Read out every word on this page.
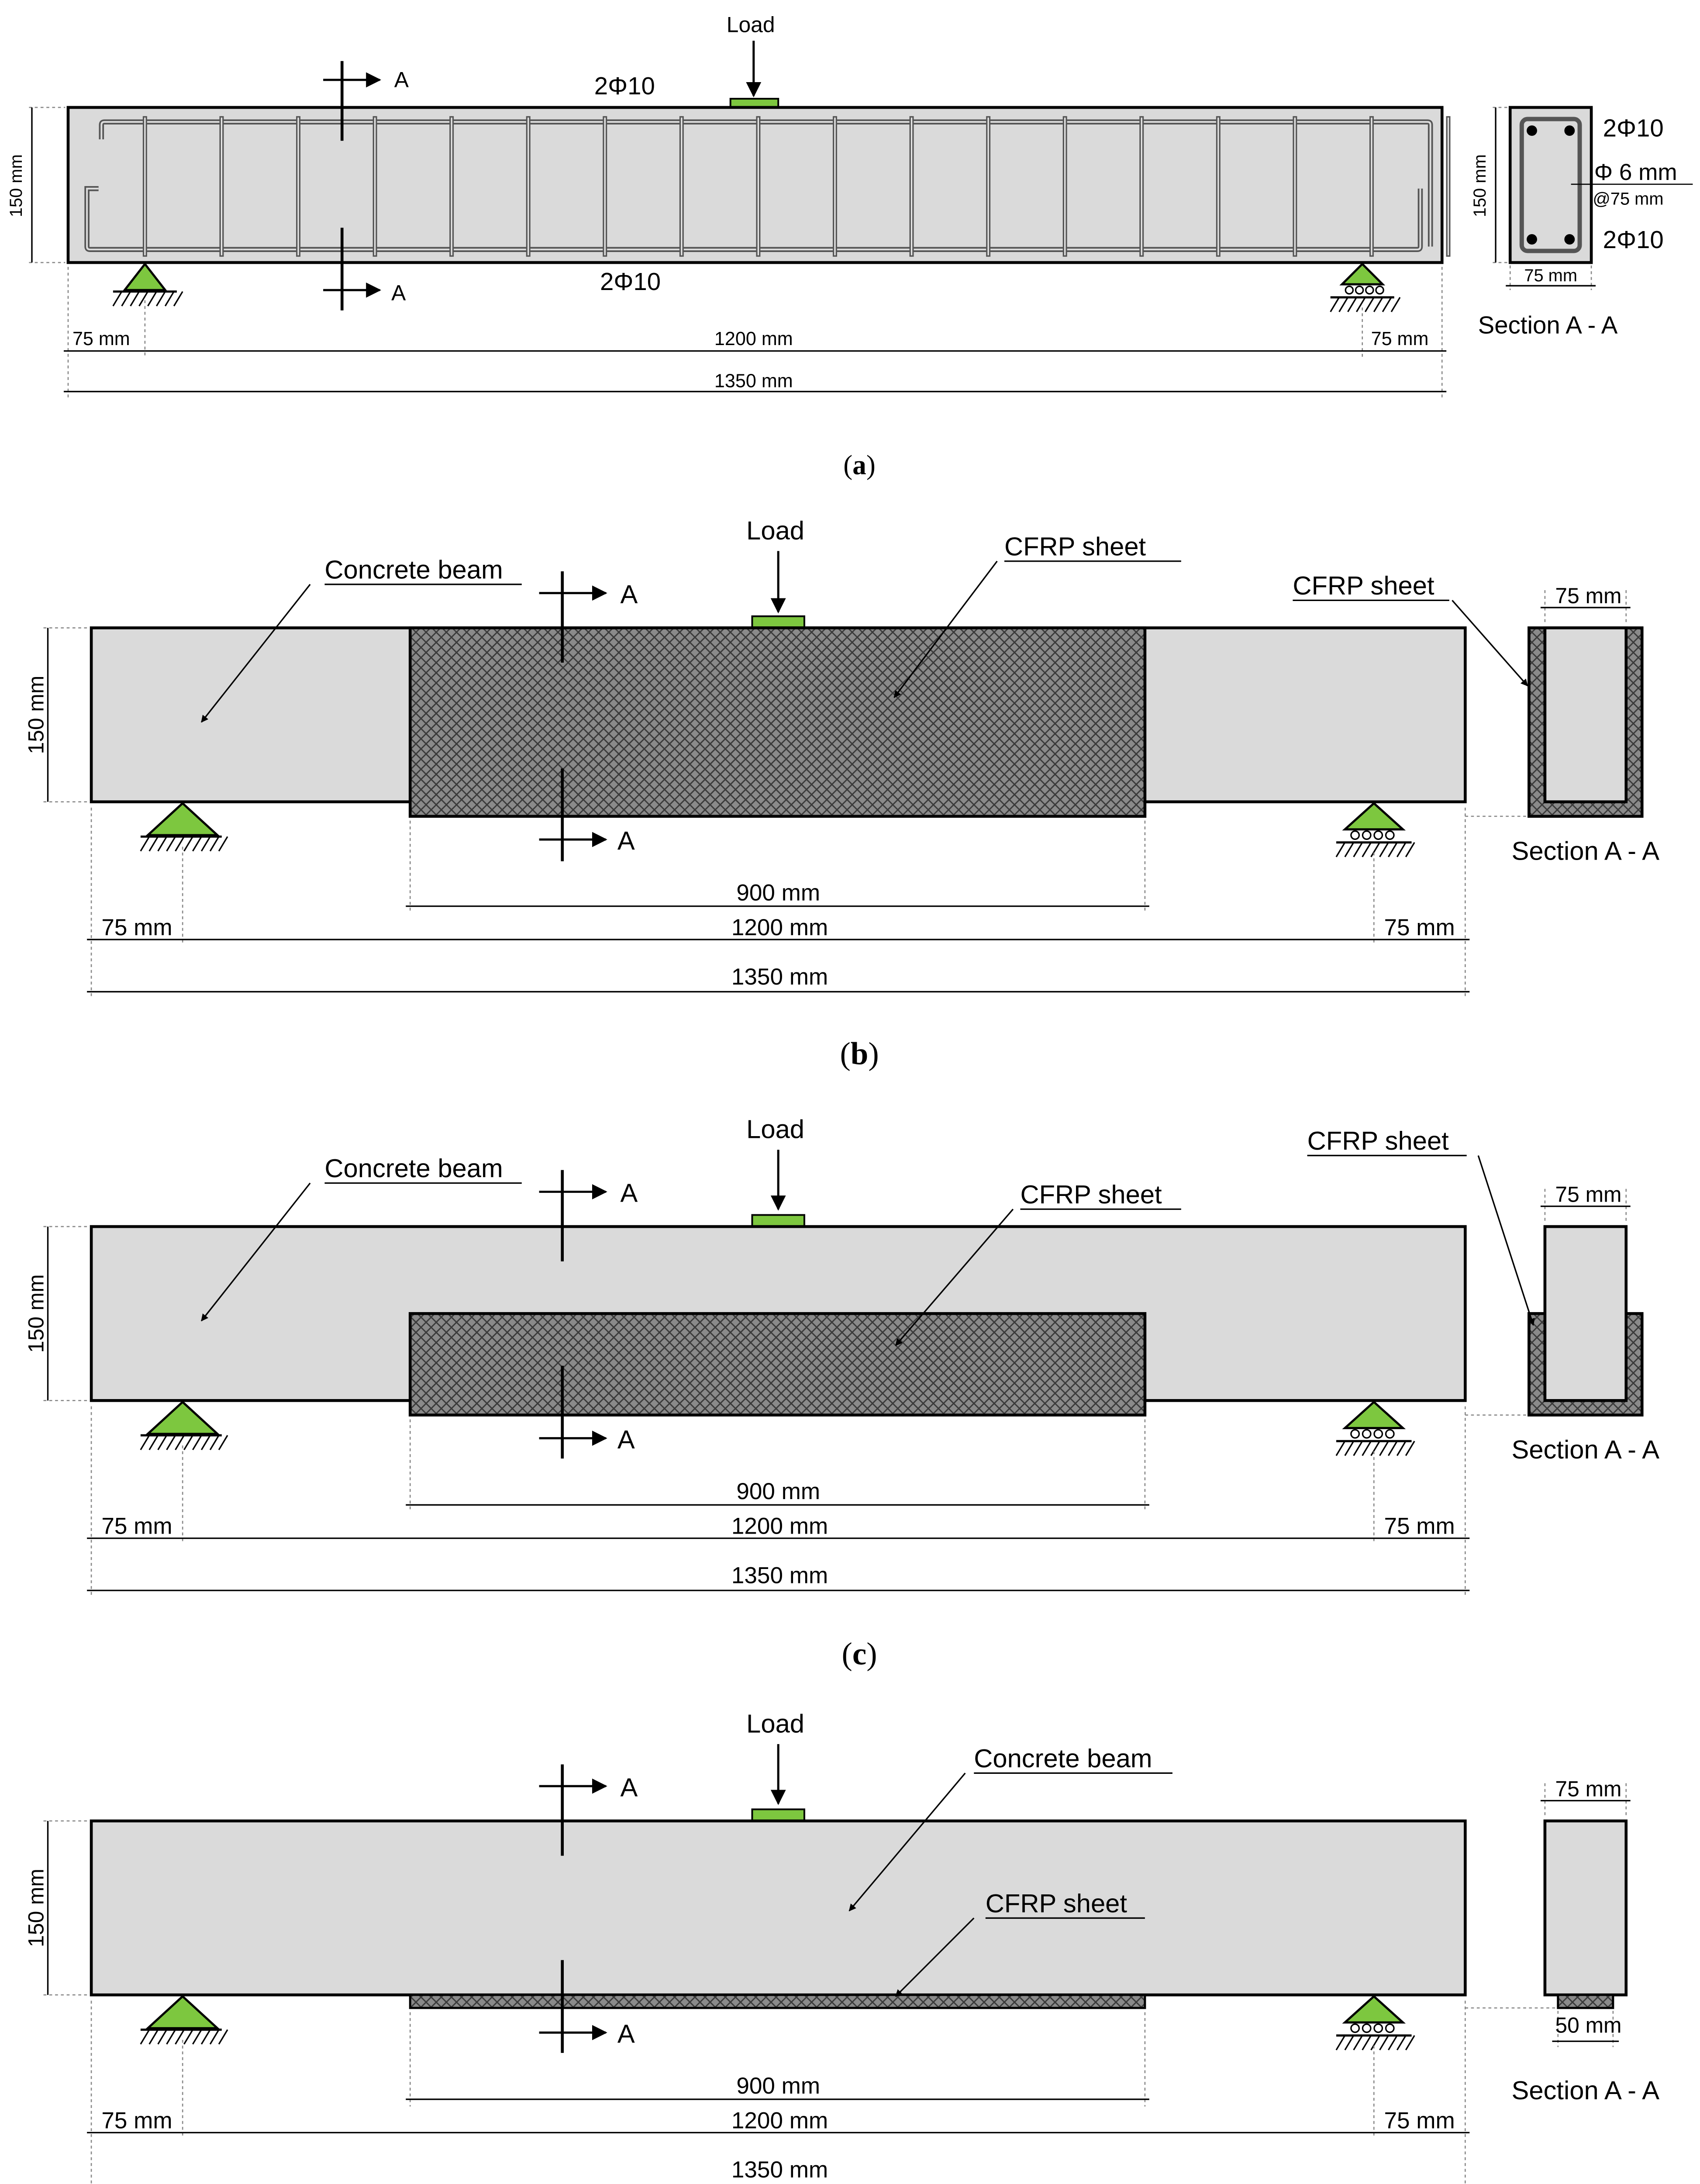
Load
A
A
2Φ10
2Φ10
150 mm
75 mm	1200 mm	75 mm
1350 mm
2Φ10
Φ 6 mm
@75 mm
2Φ10
150 mm
75 mm
Section A - A
(a)
Load
A
A
Concrete beam
CFRP sheet
150 mm
900 mm
75 mm	1200 mm	75 mm
1350 mm
75 mm
CFRP sheet
Section A - A
(b)
Load
A
A
Concrete beam
CFRP sheet
150 mm
900 mm
75 mm	1200 mm	75 mm
1350 mm
75 mm
CFRP sheet
Section A - A
(c)
Load
A
A
Concrete beam
CFRP sheet
150 mm
900 mm
75 mm	1200 mm	75 mm
1350 mm
75 mm
50 mm
Section A - A
